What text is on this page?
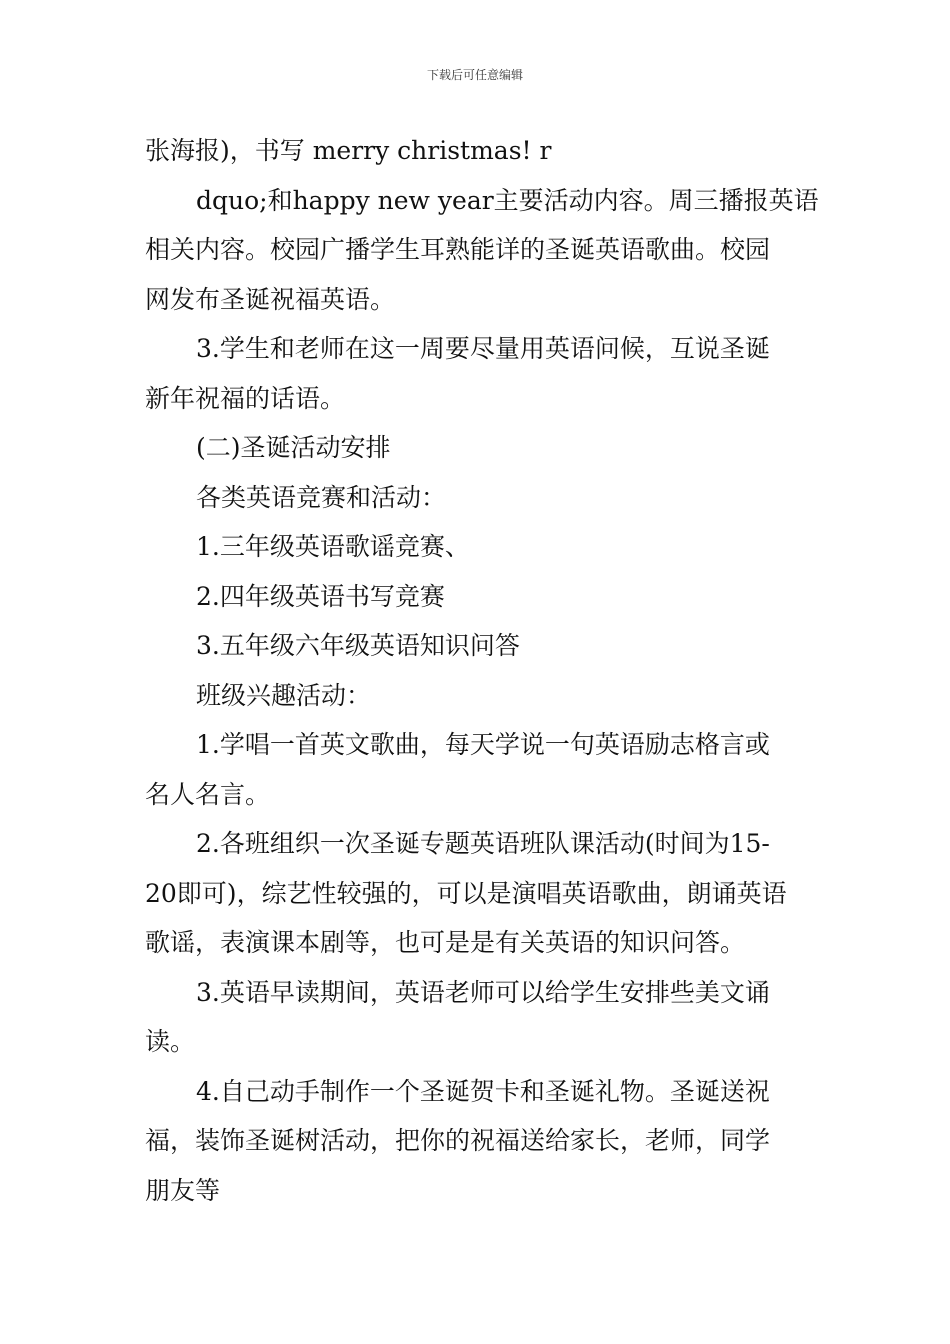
下载后可任意编辑

张海报)，书写 merry christmas! r

dquo;和happy new year主要活动内容。周三播报英语

相关内容。校园广播学生耳熟能详的圣诞英语歌曲。校园

网发布圣诞祝福英语。

3.学生和老师在这一周要尽量用英语问候，互说圣诞

新年祝福的话语。

(二)圣诞活动安排

各类英语竞赛和活动：

1.三年级英语歌谣竞赛、

2.四年级英语书写竞赛

3.五年级六年级英语知识问答

班级兴趣活动：

1.学唱一首英文歌曲，每天学说一句英语励志格言或

名人名言。

2.各班组织一次圣诞专题英语班队课活动(时间为15-

20即可)，综艺性较强的，可以是演唱英语歌曲，朗诵英语

歌谣，表演课本剧等，也可是是有关英语的知识问答。

3.英语早读期间，英语老师可以给学生安排些美文诵

读。

4.自己动手制作一个圣诞贺卡和圣诞礼物。圣诞送祝

福，装饰圣诞树活动，把你的祝福送给家长，老师，同学

朋友等
